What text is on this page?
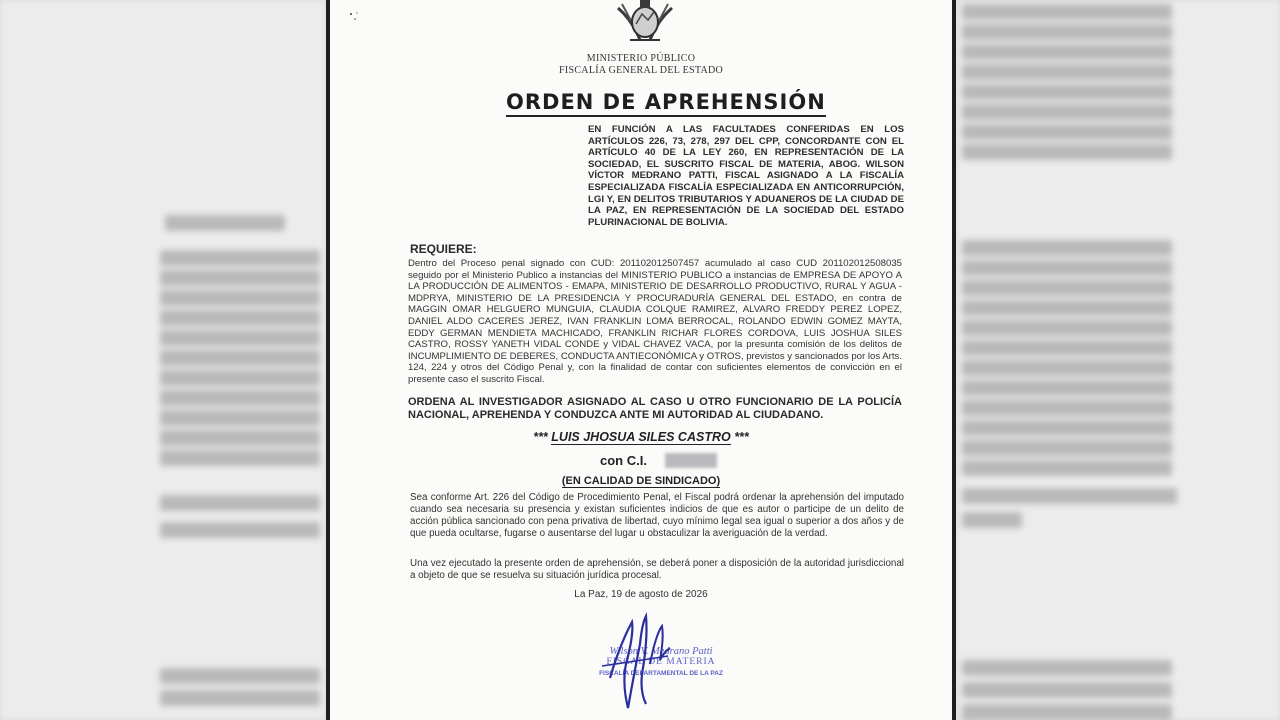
MINISTERIO PÚBLICO
FISCALÍA GENERAL DEL ESTADO
ORDEN DE APREHENSIÓN
EN FUNCIÓN A LAS FACULTADES CONFERIDAS EN LOS ARTÍCULOS 226, 73, 278, 297 DEL CPP, CONCORDANTE CON EL ARTÍCULO 40 DE LA LEY 260, EN REPRESENTACIÓN DE LA SOCIEDAD, EL SUSCRITO FISCAL DE MATERIA, ABOG. WILSON VÍCTOR MEDRANO PATTI, FISCAL ASIGNADO A LA FISCALÍA ESPECIALIZADA FISCALÍA ESPECIALIZADA EN ANTICORRUPCIÓN, LGI Y, EN DELITOS TRIBUTARIOS Y ADUANEROS DE LA CIUDAD DE LA PAZ, EN REPRESENTACIÓN DE LA SOCIEDAD DEL ESTADO PLURINACIONAL DE BOLIVIA.
REQUIERE:
Dentro del Proceso penal signado con CUD: 201102012507457 acumulado al caso CUD 201102012508035 seguido por el Ministerio Publico a instancias del MINISTERIO PUBLICO a instancias de EMPRESA DE APOYO A LA PRODUCCIÓN DE ALIMENTOS - EMAPA, MINISTERIO DE DESARROLLO PRODUCTIVO, RURAL Y AGUA - MDPRYA, MINISTERIO DE LA PRESIDENCIA Y PROCURADURÍA GENERAL DEL ESTADO, en contra de MAGGIN OMAR HELGUERO MUNGUIA, CLAUDIA COLQUE RAMIREZ, ALVARO FREDDY PEREZ LOPEZ, DANIEL ALDO CACERES JEREZ, IVAN FRANKLIN LOMA BERROCAL, ROLANDO EDWIN GOMEZ MAYTA, EDDY GERMAN MENDIETA MACHICADO, FRANKLIN RICHAR FLORES CORDOVA, LUIS JOSHUA SILES CASTRO, ROSSY YANETH VIDAL CONDE y VIDAL CHAVEZ VACA, por la presunta comisión de los delitos de INCUMPLIMIENTO DE DEBERES, CONDUCTA ANTIECONÓMICA y OTROS, previstos y sancionados por los Arts. 124, 224 y otros del Código Penal y, con la finalidad de contar con suficientes elementos de convicción en el presente caso el suscrito Fiscal.
ORDENA AL INVESTIGADOR ASIGNADO AL CASO U OTRO FUNCIONARIO DE LA POLICÍA NACIONAL, APREHENDA Y CONDUZCA ANTE MI AUTORIDAD AL CIUDADANO.
*** LUIS JHOSUA SILES CASTRO ***
con C.I.
(EN CALIDAD DE SINDICADO)
Sea conforme Art. 226 del Código de Procedimiento Penal, el Fiscal podrá ordenar la aprehensión del imputado cuando sea necesaria su presencia y existan suficientes indicios de que es autor o participe de un delito de acción pública sancionado con pena privativa de libertad, cuyo mínimo legal sea igual o superior a dos años y de que pueda ocultarse, fugarse o ausentarse del lugar u obstaculizar la averiguación de la verdad.
Una vez ejecutado la presente orden de aprehensión, se deberá poner a disposición de la autoridad jurisdiccional a objeto de que se resuelva su situación jurídica procesal.
La Paz, 19 de agosto de 2026
Wilson V. Medrano Patti
FISCAL DE MATERIA
FISCALÍA DEPARTAMENTAL DE LA PAZ
